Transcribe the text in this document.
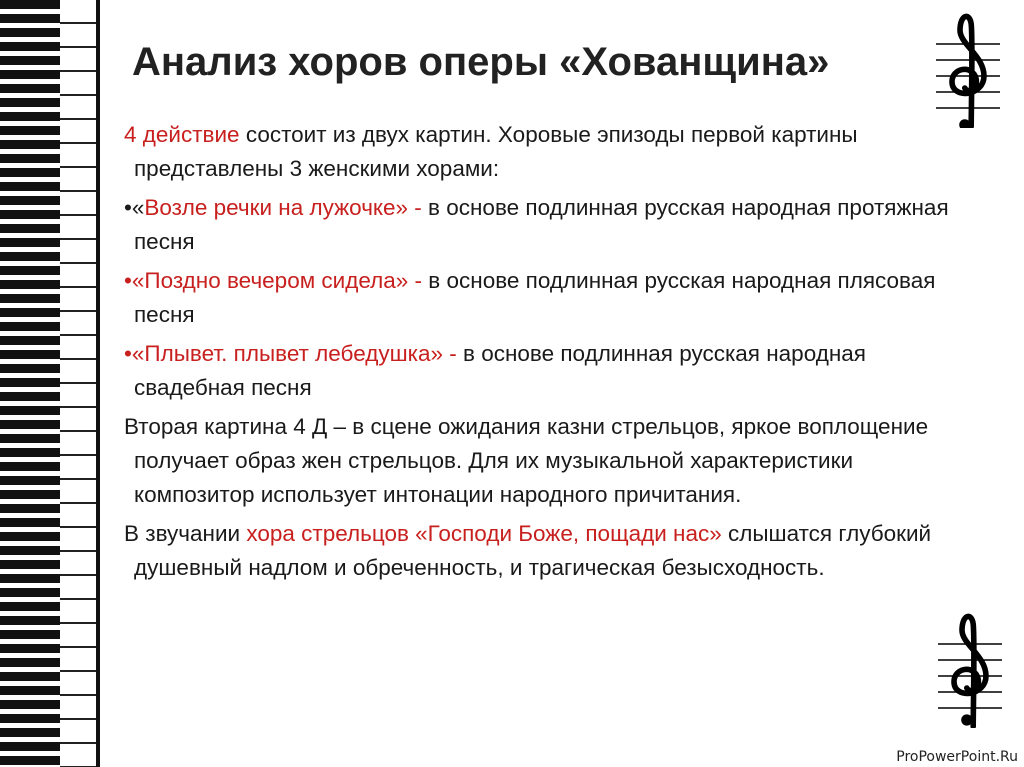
Анализ хоров оперы «Хованщина»

4 действие состоит из двух картин. Хоровые эпизоды первой картины представлены 3 женскими хорами:

•«Возле речки на лужочке» - в основе подлинная русская народная протяжная песня

•«Поздно вечером сидела» - в основе подлинная русская народная плясовая песня

•«Плывет. плывет лебедушка» - в основе подлинная русская народная свадебная песня

Вторая картина 4 Д – в сцене ожидания казни стрельцов, яркое воплощение получает образ жен стрельцов. Для их музыкальной характеристики композитор использует интонации народного причитания.

В звучании хора стрельцов «Господи Боже, пощади нас» слышатся глубокий душевный надлом и обреченность, и трагическая безысходность.

ProPowerPoint.Ru
